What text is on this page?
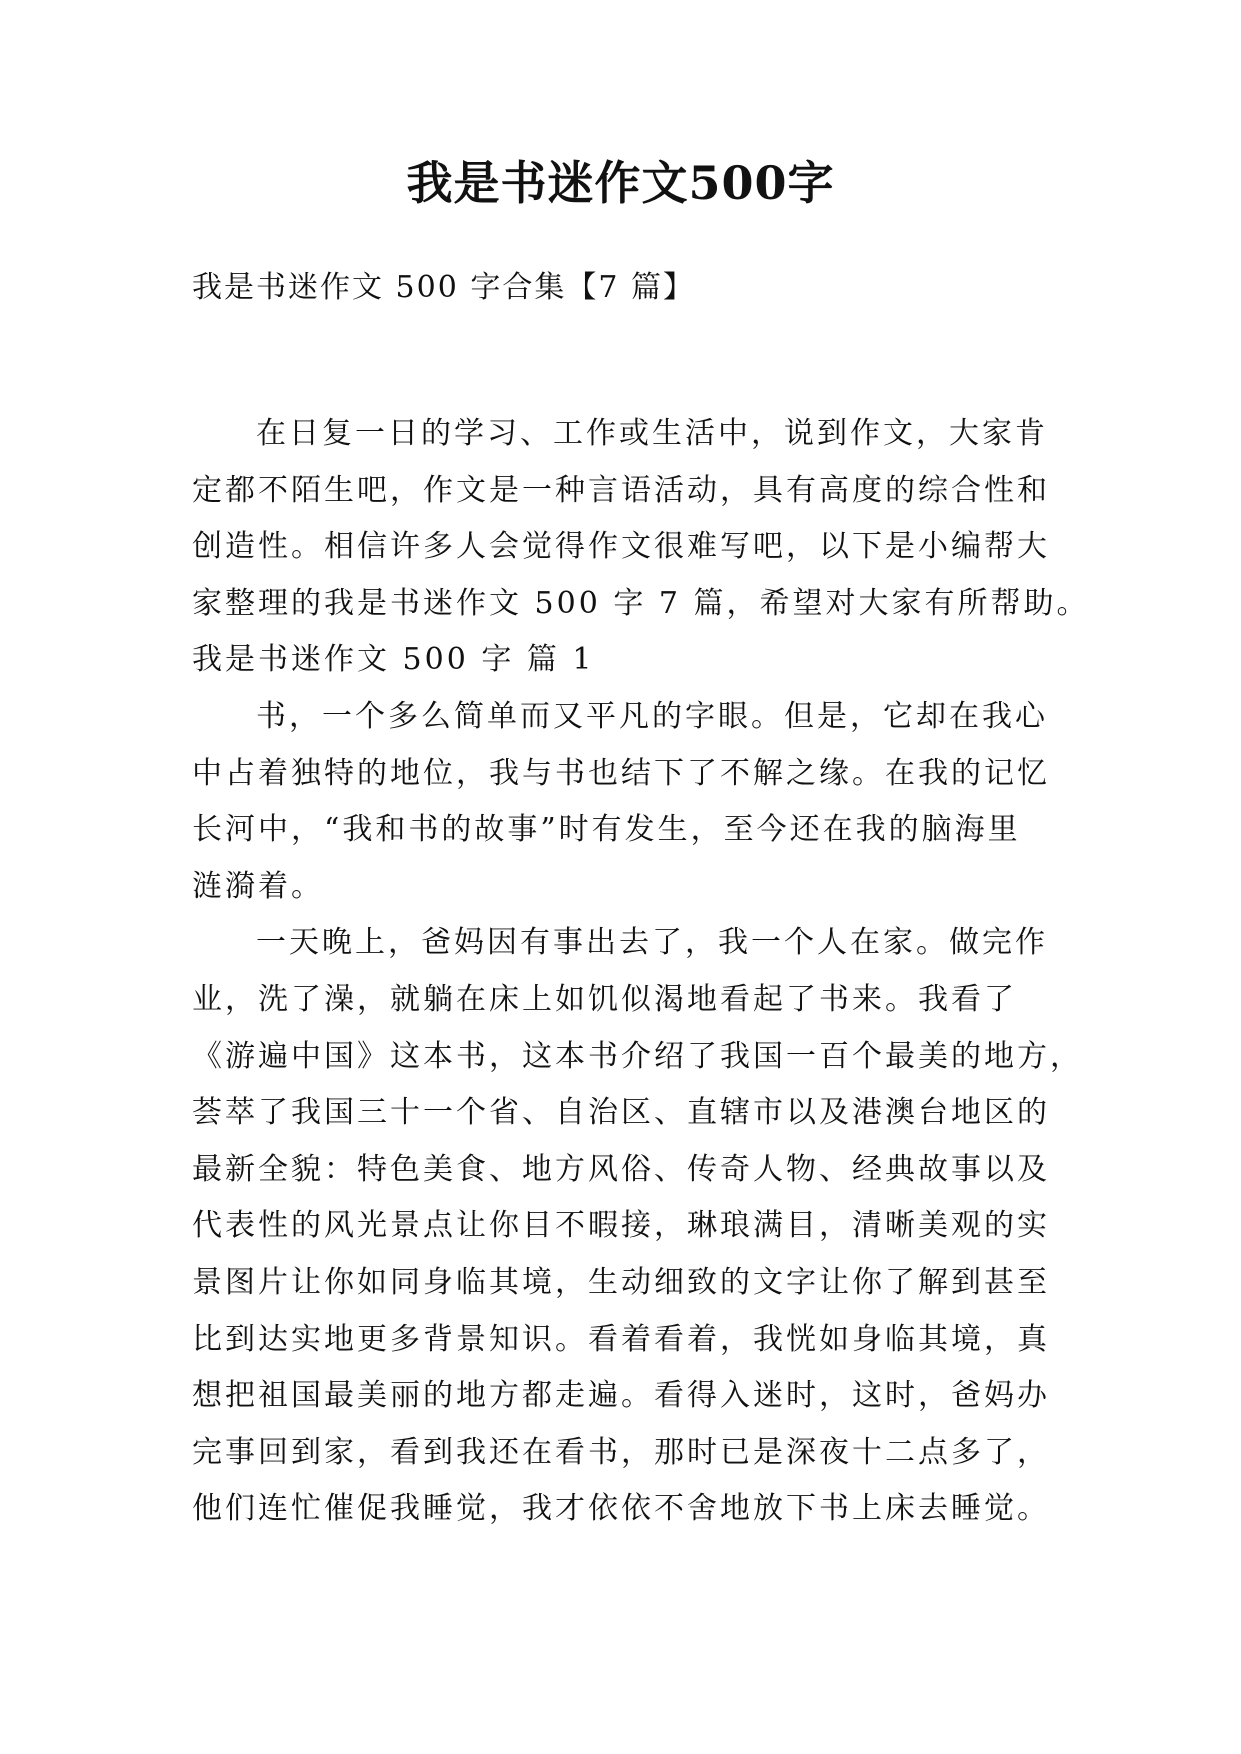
我是书迷作文500字
我是书迷作文 500 字合集【7 篇】
在日复一日的学习、工作或生活中，说到作文，大家肯
定都不陌生吧，作文是一种言语活动，具有高度的综合性和
创造性。相信许多人会觉得作文很难写吧，以下是小编帮大
家整理的我是书迷作文 500 字 7 篇，希望对大家有所帮助。
我是书迷作文 500 字 篇 1
书，一个多么简单而又平凡的字眼。但是，它却在我心
中占着独特的地位，我与书也结下了不解之缘。在我的记忆
长河中，“我和书的故事”时有发生，至今还在我的脑海里
涟漪着。
一天晚上，爸妈因有事出去了，我一个人在家。做完作
业，洗了澡，就躺在床上如饥似渴地看起了书来。我看了
《游遍中国》这本书，这本书介绍了我国一百个最美的地方，
荟萃了我国三十一个省、自治区、直辖市以及港澳台地区的
最新全貌：特色美食、地方风俗、传奇人物、经典故事以及
代表性的风光景点让你目不暇接，琳琅满目，清晰美观的实
景图片让你如同身临其境，生动细致的文字让你了解到甚至
比到达实地更多背景知识。看着看着，我恍如身临其境，真
想把祖国最美丽的地方都走遍。看得入迷时，这时，爸妈办
完事回到家，看到我还在看书，那时已是深夜十二点多了，
他们连忙催促我睡觉，我才依依不舍地放下书上床去睡觉。
